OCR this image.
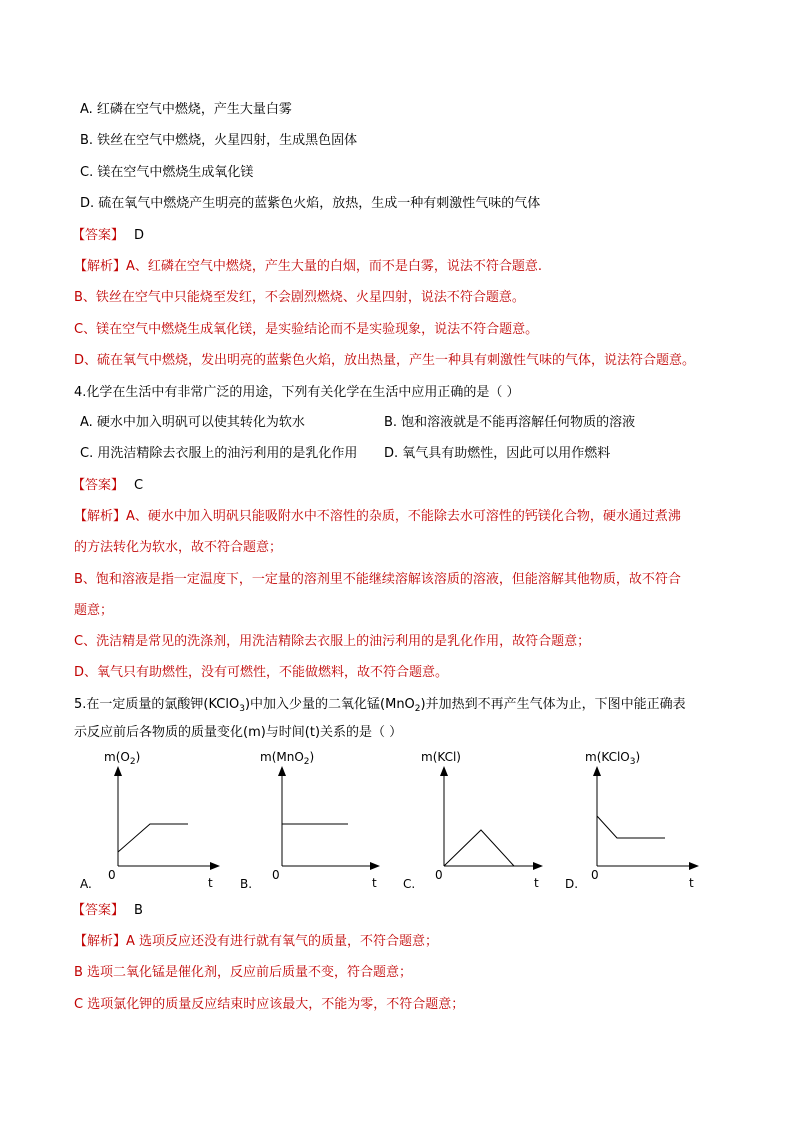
A. 红磷在空气中燃烧，产生大量白雾
B. 铁丝在空气中燃烧，火星四射，生成黑色固体
C. 镁在空气中燃烧生成氧化镁
D. 硫在氧气中燃烧产生明亮的蓝紫色火焰，放热，生成一种有刺激性气味的气体
【答案】 D
【解析】A、红磷在空气中燃烧，产生大量的白烟，而不是白雾，说法不符合题意.
B、铁丝在空气中只能烧至发红，不会剧烈燃烧、火星四射，说法不符合题意。
C、镁在空气中燃烧生成氧化镁，是实验结论而不是实验现象，说法不符合题意。
D、硫在氧气中燃烧，发出明亮的蓝紫色火焰，放出热量，产生一种具有刺激性气味的气体，说法符合题意。
4.化学在生活中有非常广泛的用途，下列有关化学在生活中应用正确的是（ ）
A. 硬水中加入明矾可以使其转化为软水	B. 饱和溶液就是不能再溶解任何物质的溶液
C. 用洗洁精除去衣服上的油污利用的是乳化作用 D. 氧气具有助燃性，因此可以用作燃料
【答案】 C
【解析】A、硬水中加入明矾只能吸附水中不溶性的杂质，不能除去水可溶性的钙镁化合物，硬水通过煮沸
的方法转化为软水，故不符合题意；
B、饱和溶液是指一定温度下，一定量的溶剂里不能继续溶解该溶质的溶液，但能溶解其他物质，故不符合
题意；
C、洗洁精是常见的洗涤剂，用洗洁精除去衣服上的油污利用的是乳化作用，故符合题意；
D、氧气只有助燃性，没有可燃性，不能做燃料，故不符合题意。
5.在一定质量的氯酸钾(KClO$_3$)中加入少量的二氧化锰(MnO$_2$)并加热到不再产生气体为止，下图中能正确表
示反应前后各物质的质量变化(m)与时间(t)关系的是（ ）
$m(O_2)$
0
t
A.
m(MnO$_2$)
0
t
B.
m(KCl)
0
t
C.
m(KClO$_3$)
0
t
D.
【答案】 B
【解析】A 选项反应还没有进行就有氧气的质量，不符合题意；
B 选项二氧化锰是催化剂，反应前后质量不变，符合题意；
C 选项氯化钾的质量反应结束时应该最大，不能为零，不符合题意；
